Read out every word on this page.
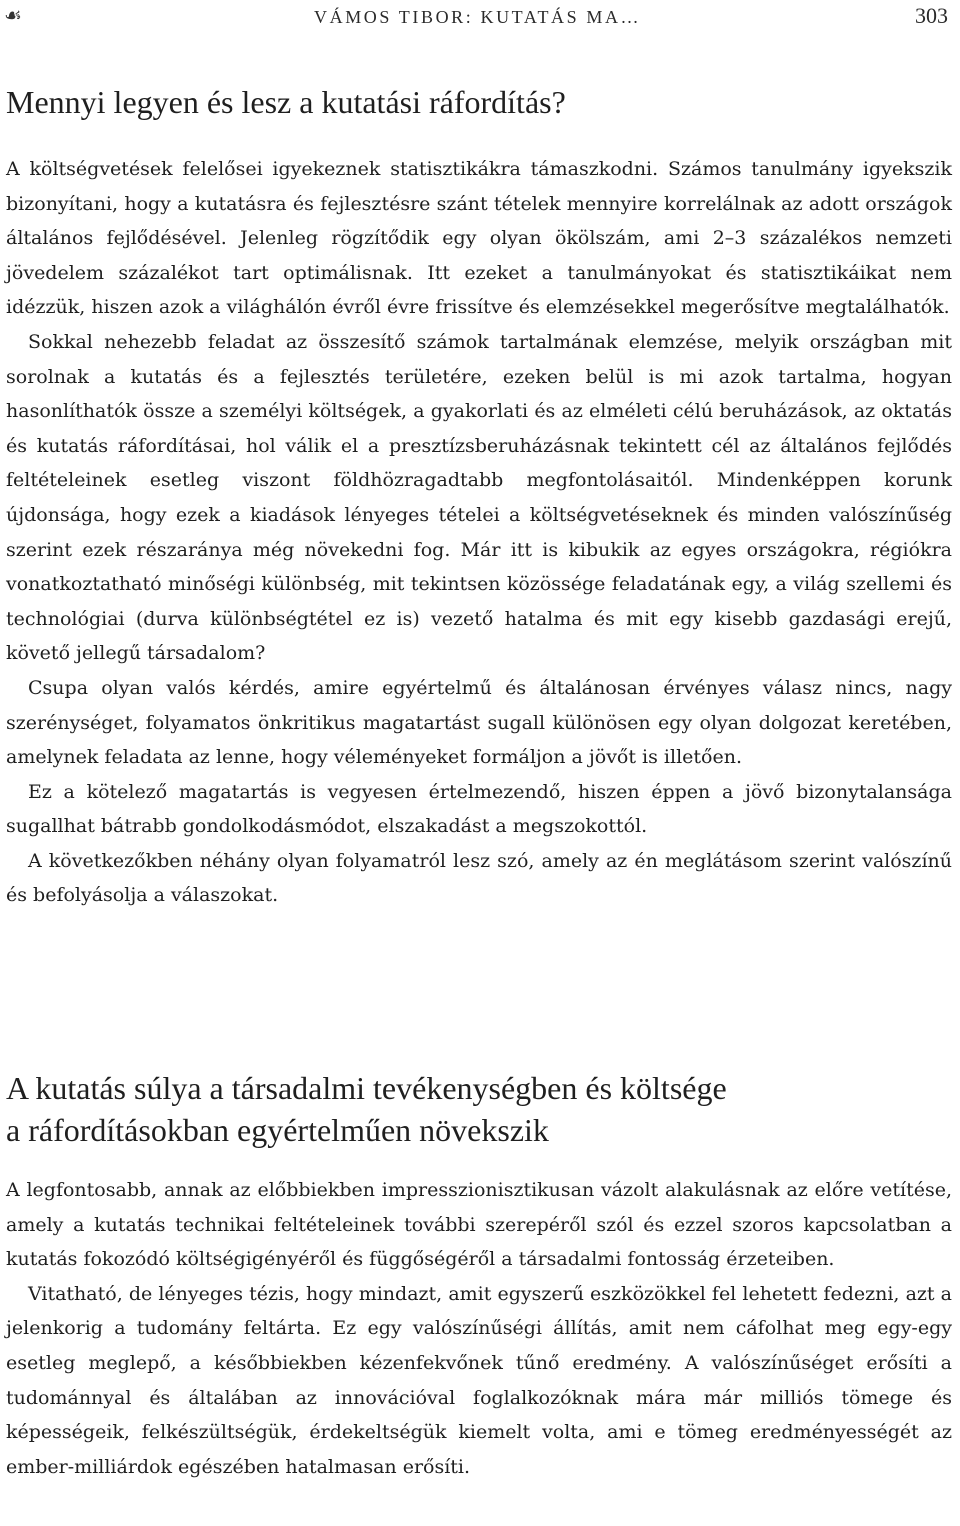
☙	VÁMOS TIBOR: KUTATÁS MA…	303
Mennyi legyen és lesz a kutatási ráfordítás?

A költségvetések felelősei igyekeznek statisztikákra támaszkodni. Számos tanulmány igyekszik bizonyítani, hogy a kutatásra és fejlesztésre szánt tételek mennyire korrelálnak az adott országok általános fejlődésével. Jelenleg rögzítődik egy olyan ökölszám, ami 2–3 százalékos nemzeti jövedelem százalékot tart optimálisnak. Itt ezeket a tanulmányokat és statisztikáikat nem idézzük, hiszen azok a világhálón évről évre frissítve és elemzésekkel megerősítve megtalálhatók.

Sokkal nehezebb feladat az összesítő számok tartalmának elemzése, melyik országban mit sorolnak a kutatás és a fejlesztés területére, ezeken belül is mi azok tartalma, hogyan hasonlíthatók össze a személyi költségek, a gyakorlati és az elméleti célú beruházások, az oktatás és kutatás ráfordításai, hol válik el a presztízsberuházásnak tekintett cél az általános fejlődés feltételeinek esetleg viszont földhözragadtabb megfontolásaitól. Mindenképpen korunk újdonsága, hogy ezek a kiadások lényeges tételei a költségvetéseknek és minden valószínűség szerint ezek részaránya még növekedni fog. Már itt is kibukik az egyes országokra, régiókra vonatkoztatható minőségi különbség, mit tekintsen közössége feladatának egy, a világ szellemi és technológiai (durva különbségtétel ez is) vezető hatalma és mit egy kisebb gazdasági erejű, követő jellegű társadalom?

Csupa olyan valós kérdés, amire egyértelmű és általánosan érvényes válasz nincs, nagy szerénységet, folyamatos önkritikus magatartást sugall különösen egy olyan dolgozat keretében, amelynek feladata az lenne, hogy véleményeket formáljon a jövőt is illetően.

Ez a kötelező magatartás is vegyesen értelmezendő, hiszen éppen a jövő bizonytalansága sugallhat bátrabb gondolkodásmódot, elszakadást a megszokottól.

A következőkben néhány olyan folyamatról lesz szó, amely az én meglátásom szerint valószínű és befolyásolja a válaszokat.

A kutatás súlya a társadalmi tevékenységben és költsége
a ráfordításokban egyértelműen növekszik

A legfontosabb, annak az előbbiekben impresszionisztikusan vázolt alakulásnak az előre vetítése, amely a kutatás technikai feltételeinek további szerepéről szól és ezzel szoros kapcsolatban a kutatás fokozódó költségigényéről és függőségéről a társadalmi fontosság érzeteiben.

Vitatható, de lényeges tézis, hogy mindazt, amit egyszerű eszközökkel fel lehetett fedezni, azt a jelenkorig a tudomány feltárta. Ez egy valószínűségi állítás, amit nem cáfolhat meg egy-egy esetleg meglepő, a későbbiekben kézenfekvőnek tűnő eredmény. A valószínűséget erősíti a tudománnyal és általában az innovációval foglalkozóknak mára már milliós tömege és képességeik, felkészültségük, érdekeltségük kiemelt volta, ami e tömeg eredményességét az ember-milliárdok egészében hatalmasan erősíti.
